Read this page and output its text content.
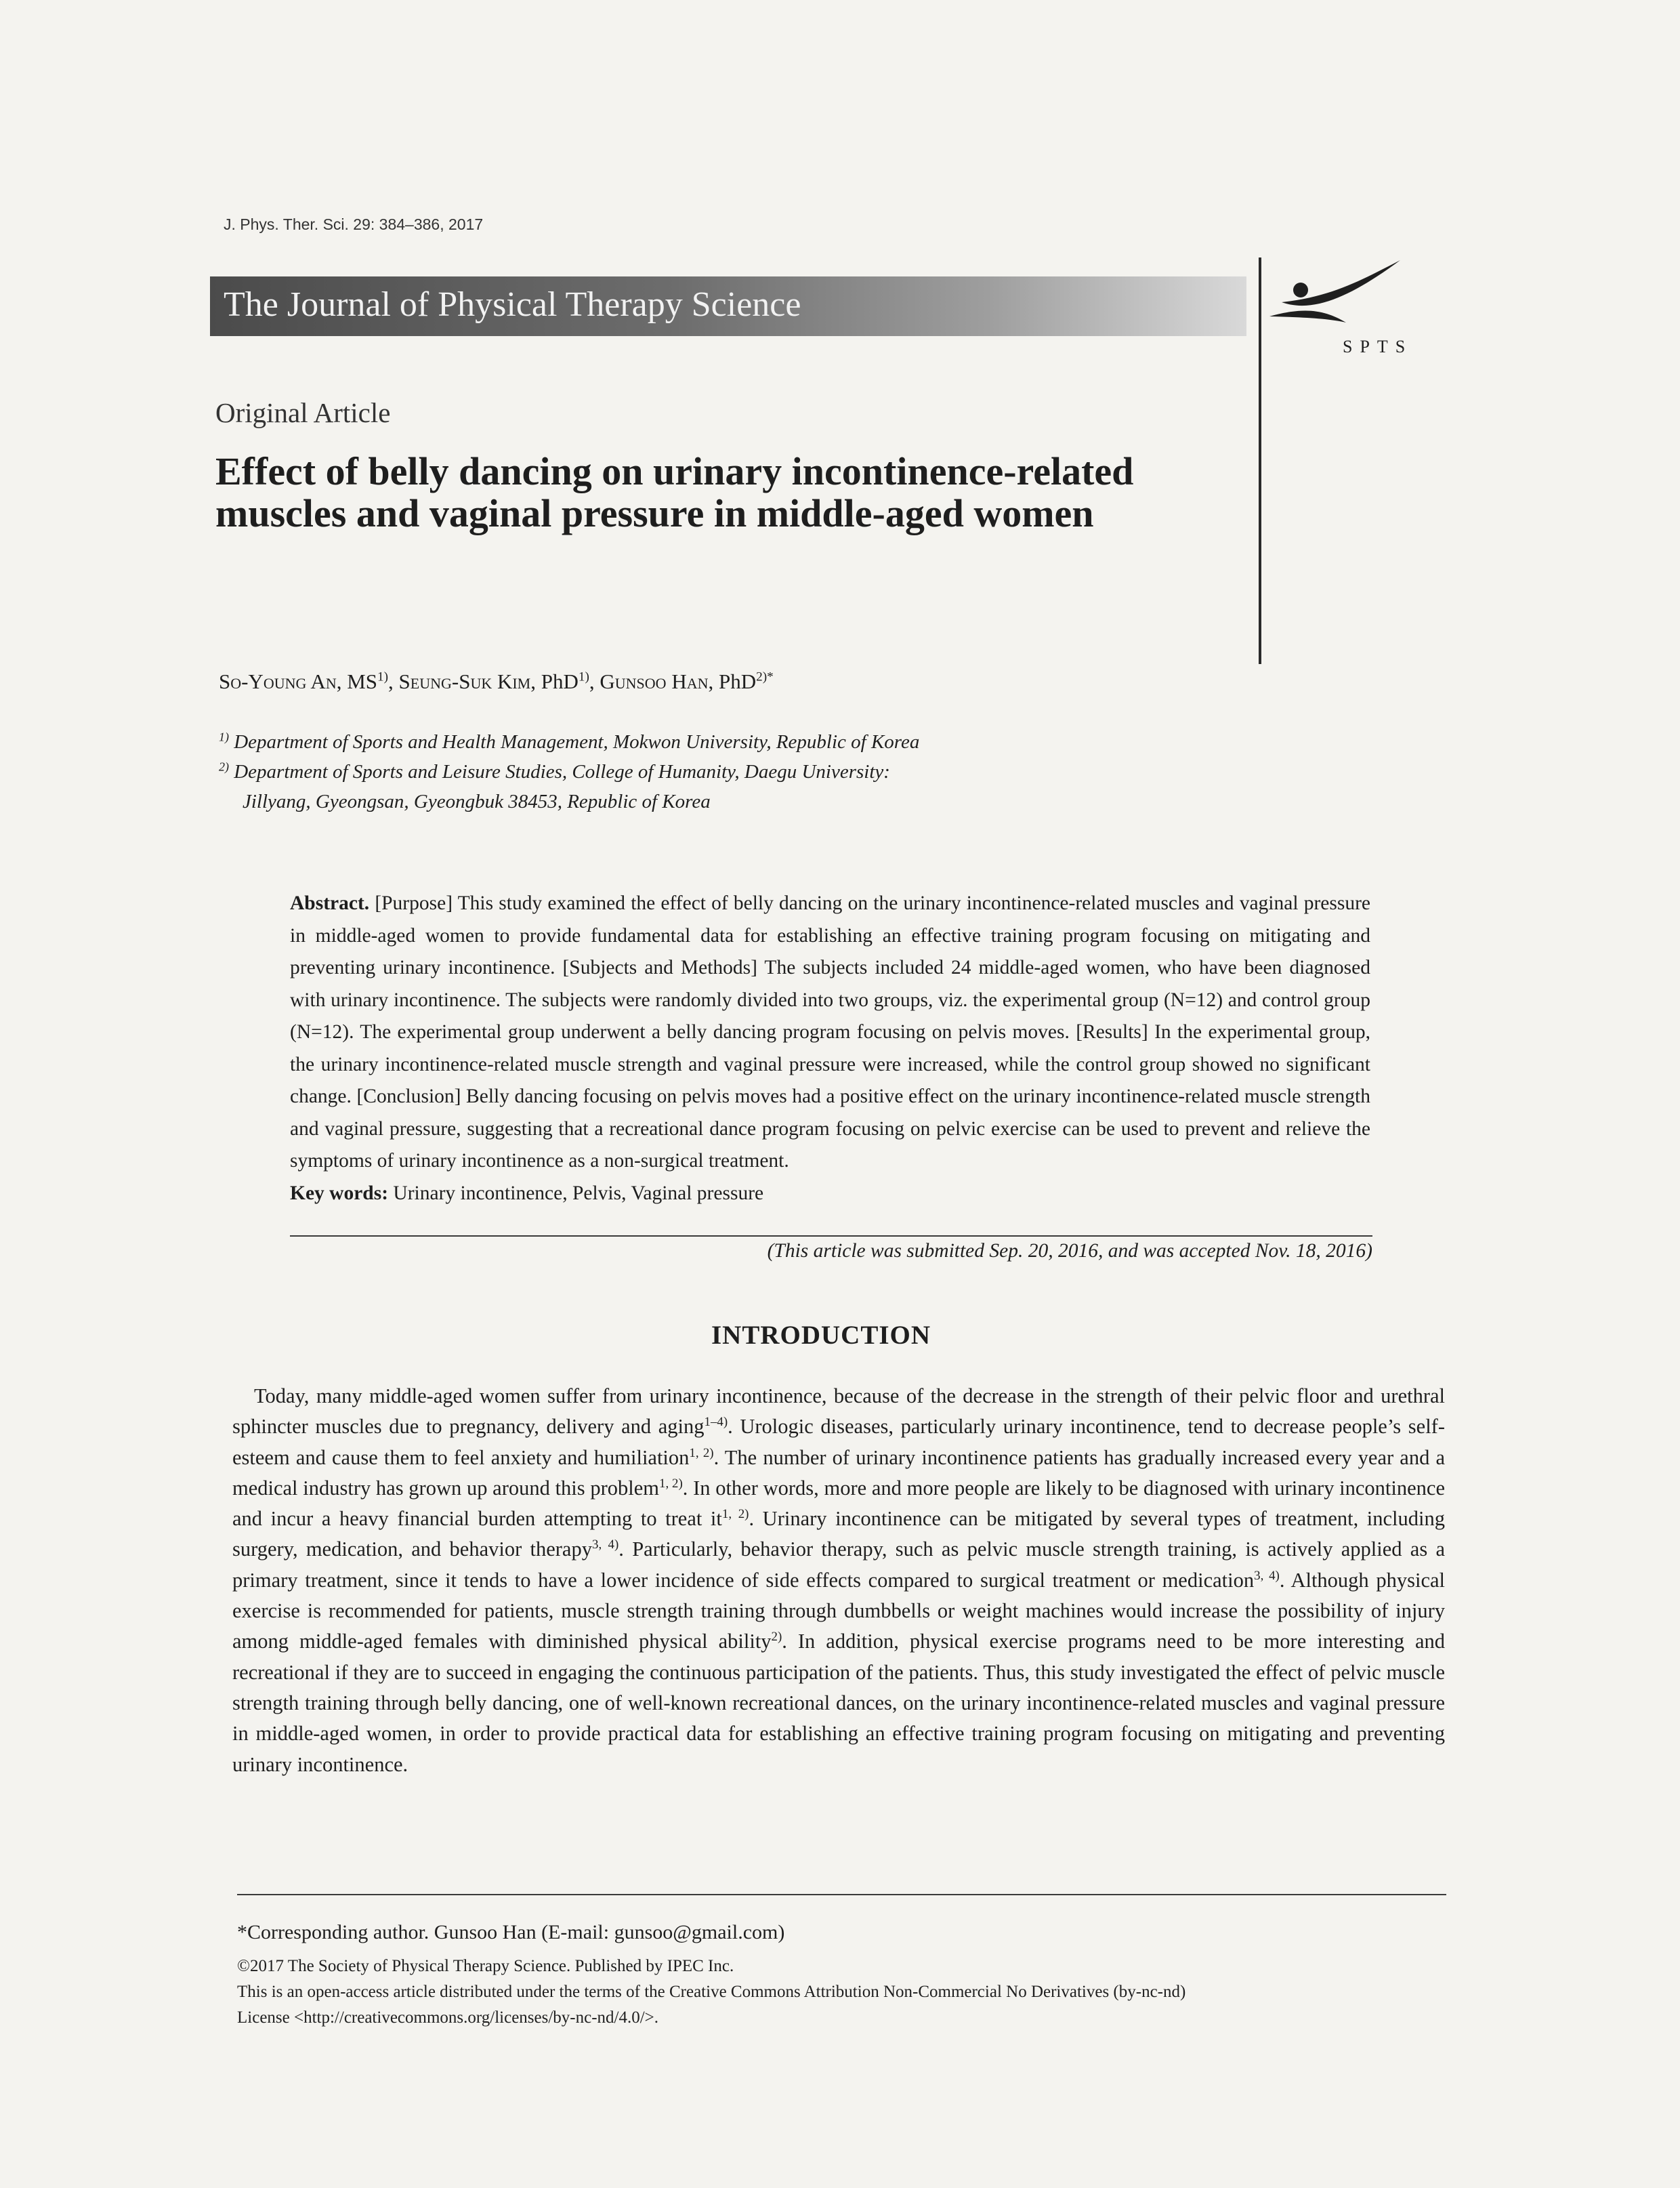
J. Phys. Ther. Sci. 29: 384–386, 2017
The Journal of Physical Therapy Science
SPTS
Original Article
Effect of belly dancing on urinary incontinence-related muscles and vaginal pressure in middle-aged women
So-Young An, MS$^{1)}$, Seung-Suk Kim, PhD$^{1)}$, Gunsoo Han, PhD$^{2)*}$
$^{1)}$ Department of Sports and Health Management, Mokwon University, Republic of Korea
$^{2)}$ Department of Sports and Leisure Studies, College of Humanity, Daegu University:
Jillyang, Gyeongsan, Gyeongbuk 38453, Republic of Korea
Abstract. [Purpose] This study examined the effect of belly dancing on the urinary incontinence-related muscles and vaginal pressure in middle-aged women to provide fundamental data for establishing an effective training program focusing on mitigating and preventing urinary incontinence. [Subjects and Methods] The subjects included 24 middle-aged women, who have been diagnosed with urinary incontinence. The subjects were randomly divided into two groups, viz. the experimental group (N=12) and control group (N=12). The experimental group underwent a belly dancing program focusing on pelvis moves. [Results] In the experimental group, the urinary incontinence-related muscle strength and vaginal pressure were increased, while the control group showed no significant change. [Conclusion] Belly dancing focusing on pelvis moves had a positive effect on the urinary incontinence-related muscle strength and vaginal pressure, suggesting that a recreational dance program focusing on pelvic exercise can be used to prevent and relieve the symptoms of urinary incontinence as a non-surgical treatment.
Key words: Urinary incontinence, Pelvis, Vaginal pressure
(This article was submitted Sep. 20, 2016, and was accepted Nov. 18, 2016)
INTRODUCTION
Today, many middle-aged women suffer from urinary incontinence, because of the decrease in the strength of their pelvic floor and urethral sphincter muscles due to pregnancy, delivery and aging$^{1-4)}$. Urologic diseases, particularly urinary incontinence, tend to decrease people’s self-esteem and cause them to feel anxiety and humiliation$^{1, 2)}$. The number of urinary incontinence patients has gradually increased every year and a medical industry has grown up around this problem$^{1, 2)}$. In other words, more and more people are likely to be diagnosed with urinary incontinence and incur a heavy financial burden attempting to treat it$^{1, 2)}$. Urinary incontinence can be mitigated by several types of treatment, including surgery, medication, and behavior therapy$^{3, 4)}$. Particularly, behavior therapy, such as pelvic muscle strength training, is actively applied as a primary treatment, since it tends to have a lower incidence of side effects compared to surgical treatment or medication$^{3, 4)}$. Although physical exercise is recommended for patients, muscle strength training through dumbbells or weight machines would increase the possibility of injury among middle-aged females with diminished physical ability$^{2)}$. In addition, physical exercise programs need to be more interesting and recreational if they are to succeed in engaging the continuous participation of the patients. Thus, this study investigated the effect of pelvic muscle strength training through belly dancing, one of well-known recreational dances, on the urinary incontinence-related muscles and vaginal pressure in middle-aged women, in order to provide practical data for establishing an effective training program focusing on mitigating and preventing urinary incontinence.
*Corresponding author. Gunsoo Han (E-mail: gunsoo@gmail.com)
©2017 The Society of Physical Therapy Science. Published by IPEC Inc.
This is an open-access article distributed under the terms of the Creative Commons Attribution Non-Commercial No Derivatives (by-nc-nd)
License <http://creativecommons.org/licenses/by-nc-nd/4.0/>.
